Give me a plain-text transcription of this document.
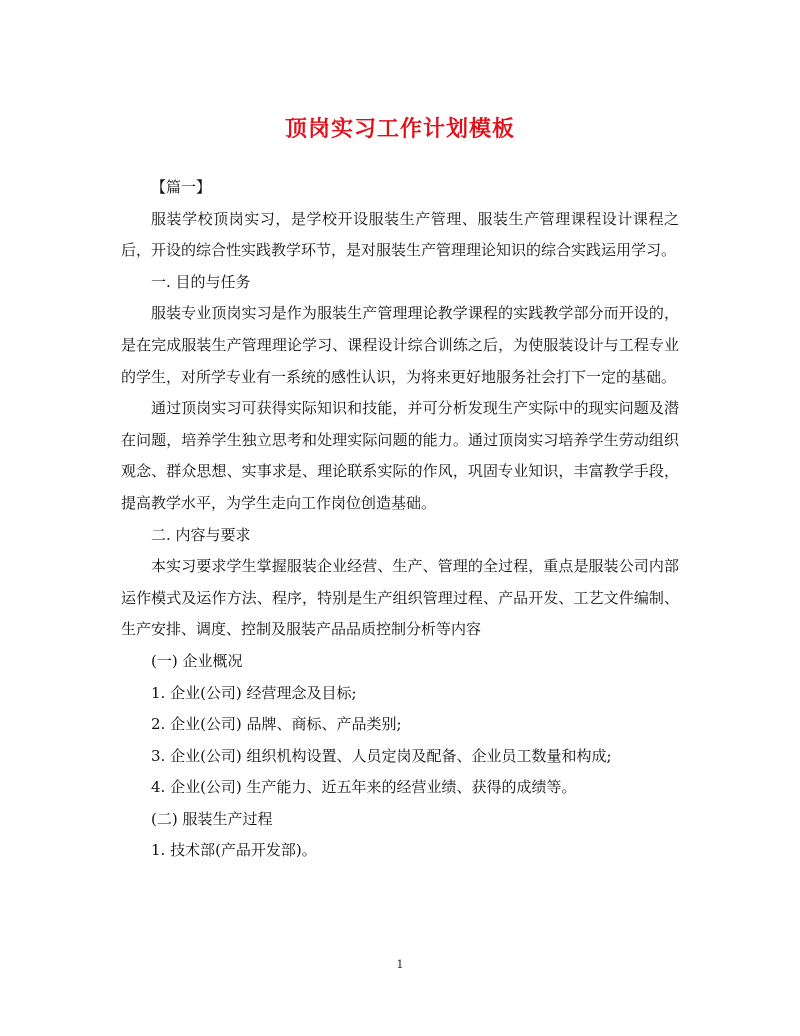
顶岗实习工作计划模板

【篇一】

服装学校顶岗实习，是学校开设服装生产管理、服装生产管理课程设计课程之后，开设的综合性实践教学环节，是对服装生产管理理论知识的综合实践运用学习。

一. 目的与任务

服装专业顶岗实习是作为服装生产管理理论教学课程的实践教学部分而开设的，是在完成服装生产管理理论学习、课程设计综合训练之后，为使服装设计与工程专业的学生，对所学专业有一系统的感性认识，为将来更好地服务社会打下一定的基础。

通过顶岗实习可获得实际知识和技能，并可分析发现生产实际中的现实问题及潜在问题，培养学生独立思考和处理实际问题的能力。通过顶岗实习培养学生劳动组织观念、群众思想、实事求是、理论联系实际的作风，巩固专业知识，丰富教学手段，提高教学水平，为学生走向工作岗位创造基础。

二. 内容与要求

本实习要求学生掌握服装企业经营、生产、管理的全过程，重点是服装公司内部运作模式及运作方法、程序，特别是生产组织管理过程、产品开发、工艺文件编制、生产安排、调度、控制及服装产品品质控制分析等内容

(一) 企业概况

1. 企业(公司) 经营理念及目标;

2. 企业(公司) 品牌、商标、产品类别;

3. 企业(公司) 组织机构设置、人员定岗及配备、企业员工数量和构成;

4. 企业(公司) 生产能力、近五年来的经营业绩、获得的成绩等。

(二) 服装生产过程

1. 技术部(产品开发部)。

1
